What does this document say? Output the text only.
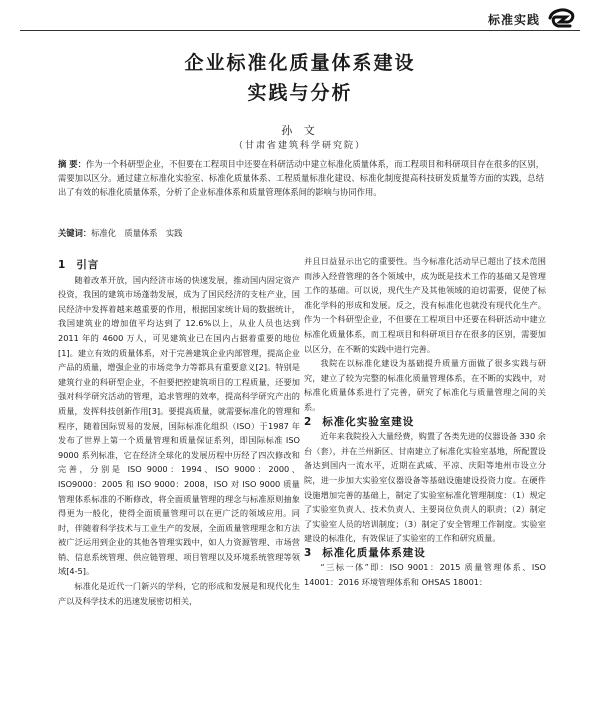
标准实践
企业标准化质量体系建设
实践与分析
孙 文
（甘肃省建筑科学研究院）
摘 要：作为一个科研型企业，不但要在工程项目中还要在科研活动中建立标准化质量体系，而工程项目和科研项目存在很多的区别，需要加以区分。通过建立标准化实验室、标准化质量体系、工程质量标准化建设、标准化制度提高科技研发质量等方面的实践，总结出了有效的标准化质量体系，分析了企业标准体系和质量管理体系间的影响与协同作用。
关键词：标准化　质量体系　实践

1 引言

随着改革开放，国内经济市场的快速发展，推动国内固定资产投资，我国的建筑市场蓬勃发展，成为了国民经济的支柱产业，国民经济中发挥着越来越重要的作用，根据国家统计局的数据统计，我国建筑业的增加值平均达到了 12.6%以上，从业人员也达到 2011 年的 4600 万人，可见建筑业已在国内占据着重要的地位[1]。建立有效的质量体系，对于完善建筑企业内部管理，提高企业产品的质量，增强企业的市场竞争力等都具有重要意义[2]。特别是建筑行业的科研型企业，不但要把控建筑项目的工程质量，还要加强对科学研究活动的管理，追求管理的效率，提高科学研究产出的质量，发挥科技创新作用[3]。要提高质量，就需要标准化的管理和程序，随着国际贸易的发展，国际标准化组织（ISO）于1987 年发布了世界上第一个质量管理和质量保证系列，即国际标准 ISO 9000 系列标准，它在经济全球化的发展历程中历经了四次修改和完善，分别是 ISO 9000：1994、ISO 9000：2000、ISO9000：2005 和 ISO 9000：2008，ISO 对 ISO 9000 质量管理体系标准的不断修改，将全面质量管理的理念与标准原则抽象得更为一般化，使得全面质量管理可以在更广泛的领域应用。同时，伴随着科学技术与工业生产的发展，全面质量管理理念和方法被广泛运用到企业的其他各管理实践中，如人力资源管理、市场营销、信息系统管理、供应链管理、项目管理以及环境系统管理等领域[4-5]。

标准化是近代一门新兴的学科，它的形成和发展是和现代化生产以及科学技术的迅速发展密切相关，

并且日益显示出它的重要性。当今标准化活动早已超出了技术范围而涉入经营管理的各个领域中，成为既是技术工作的基础又是管理工作的基础。可以说，现代生产及其他领域的迫切需要，促使了标准化学科的形成和发展。反之，没有标准化也就没有现代化生产。作为一个科研型企业，不但要在工程项目中还要在科研活动中建立标准化质量体系，而工程项目和科研项目存在很多的区别，需要加以区分，在不断的实践中进行完善。

我院在以标准化建设为基础提升质量方面做了很多实践与研究，建立了较为完整的标准化质量管理体系，在不断的实践中，对标准化质量体系进行了完善，研究了标准化与质量管理之间的关系。

2 标准化实验室建设

近年来我院投入大量经费，购置了各类先进的仪器设备 330 余台（套），并在兰州新区、甘南建立了标准化实验室基地，所配置设备达到国内一流水平，近期在武威、平凉、庆阳等地州市设立分院，进一步加大实验室仪器设备等基础设施建设投资力度。在硬件设施增加完善的基础上，制定了实验室标准化管理制度：（1）规定了实验室负责人、技术负责人、主要岗位负责人的职责；（2）制定了实验室人员的培训制度；（3）制定了安全管理工作制度。实验室建设的标准化，有效保证了实验室的工作和研究质量。

3 标准化质量体系建设

“三标一体”即：ISO 9001：2015 质量管理体系、ISO 14001：2016 环境管理体系和 OHSAS 18001：
